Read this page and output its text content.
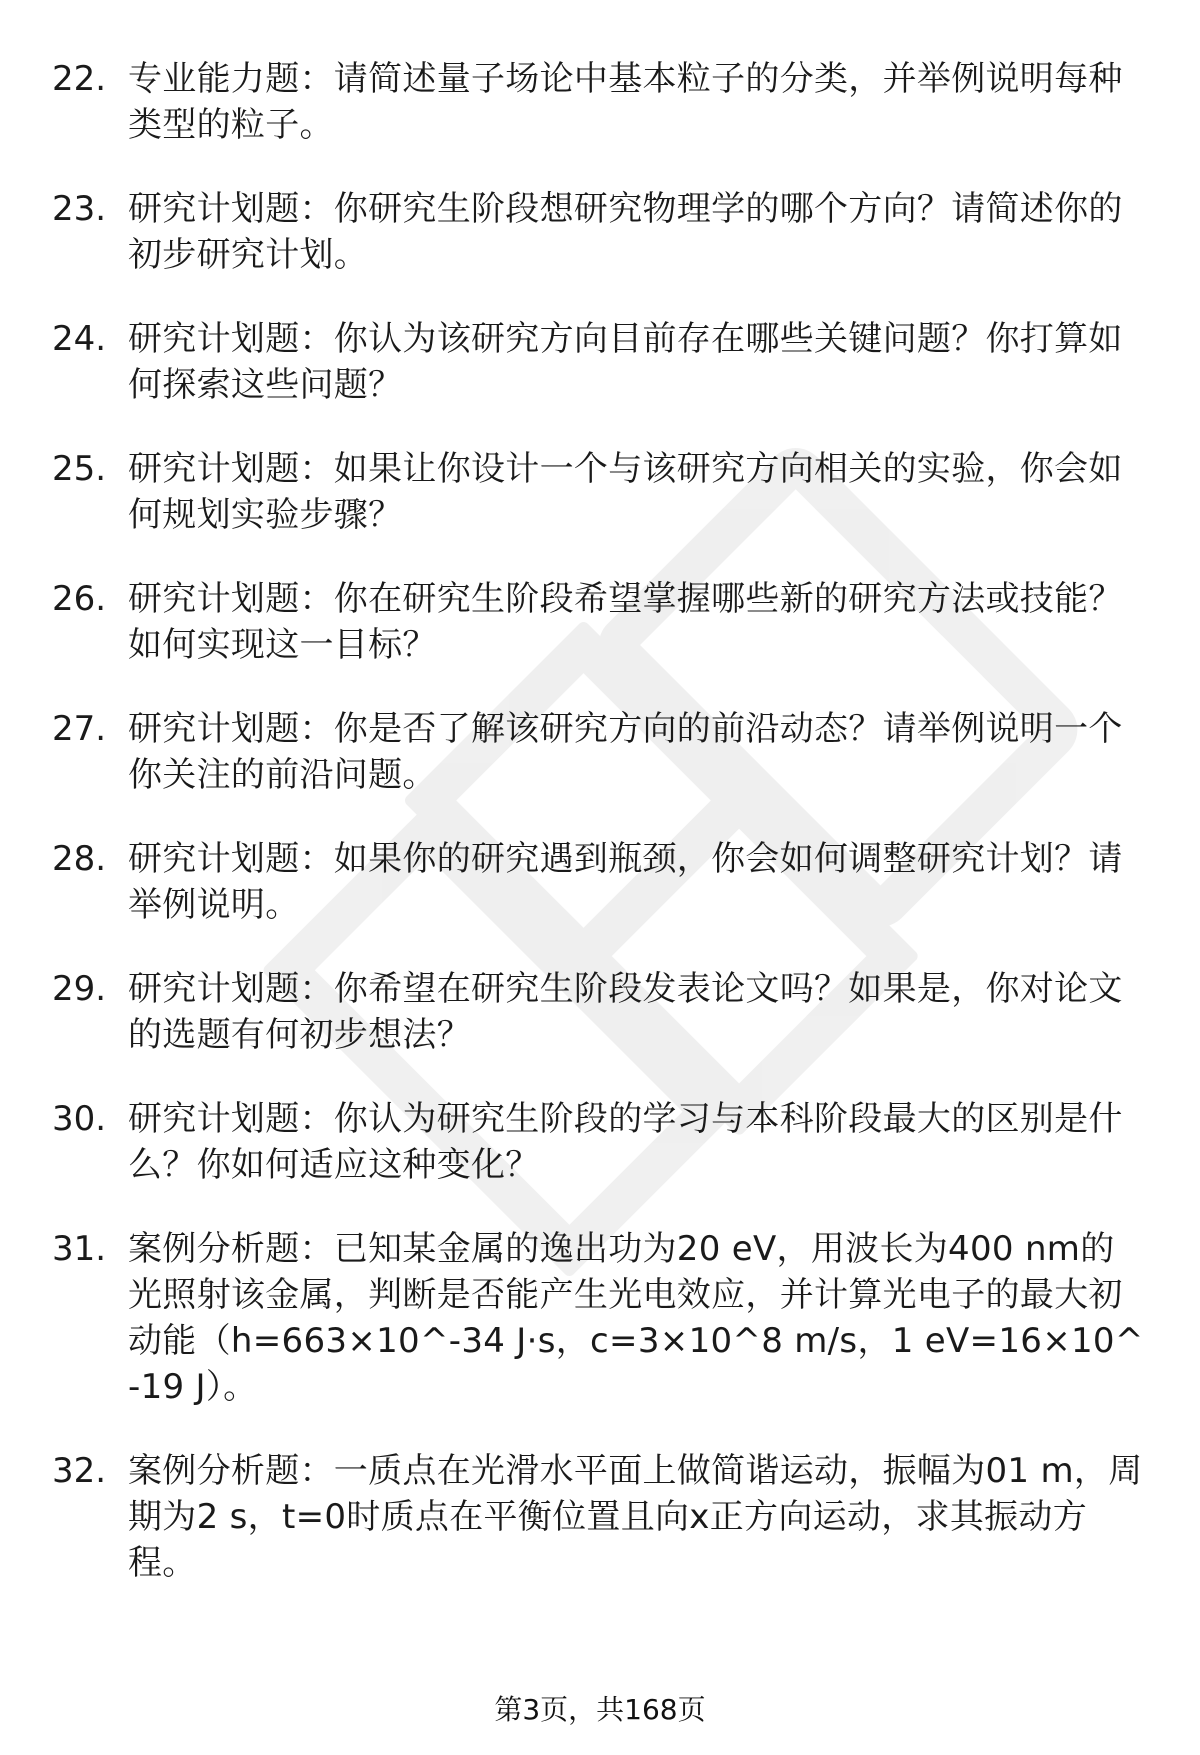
22. 专业能力题：请简述量子场论中基本粒子的分类，并举例说明每种类型的粒子。
23. 研究计划题：你研究生阶段想研究物理学的哪个方向？请简述你的初步研究计划。
24. 研究计划题：你认为该研究方向目前存在哪些关键问题？你打算如何探索这些问题？
25. 研究计划题：如果让你设计一个与该研究方向相关的实验，你会如何规划实验步骤？
26. 研究计划题：你在研究生阶段希望掌握哪些新的研究方法或技能？如何实现这一目标？
27. 研究计划题：你是否了解该研究方向的前沿动态？请举例说明一个你关注的前沿问题。
28. 研究计划题：如果你的研究遇到瓶颈，你会如何调整研究计划？请举例说明。
29. 研究计划题：你希望在研究生阶段发表论文吗？如果是，你对论文的选题有何初步想法？
30. 研究计划题：你认为研究生阶段的学习与本科阶段最大的区别是什么？你如何适应这种变化？
31. 案例分析题：已知某金属的逸出功为20 eV，用波长为400 nm的光照射该金属，判断是否能产生光电效应，并计算光电子的最大初动能（h=663×10^-34 J·s，c=3×10^8 m/s，1 eV=16×10^-19 J）。
32. 案例分析题：一质点在光滑水平面上做简谐运动，振幅为01 m，周期为2 s，t=0时质点在平衡位置且向x正方向运动，求其振动方程。
第3页，共168页
